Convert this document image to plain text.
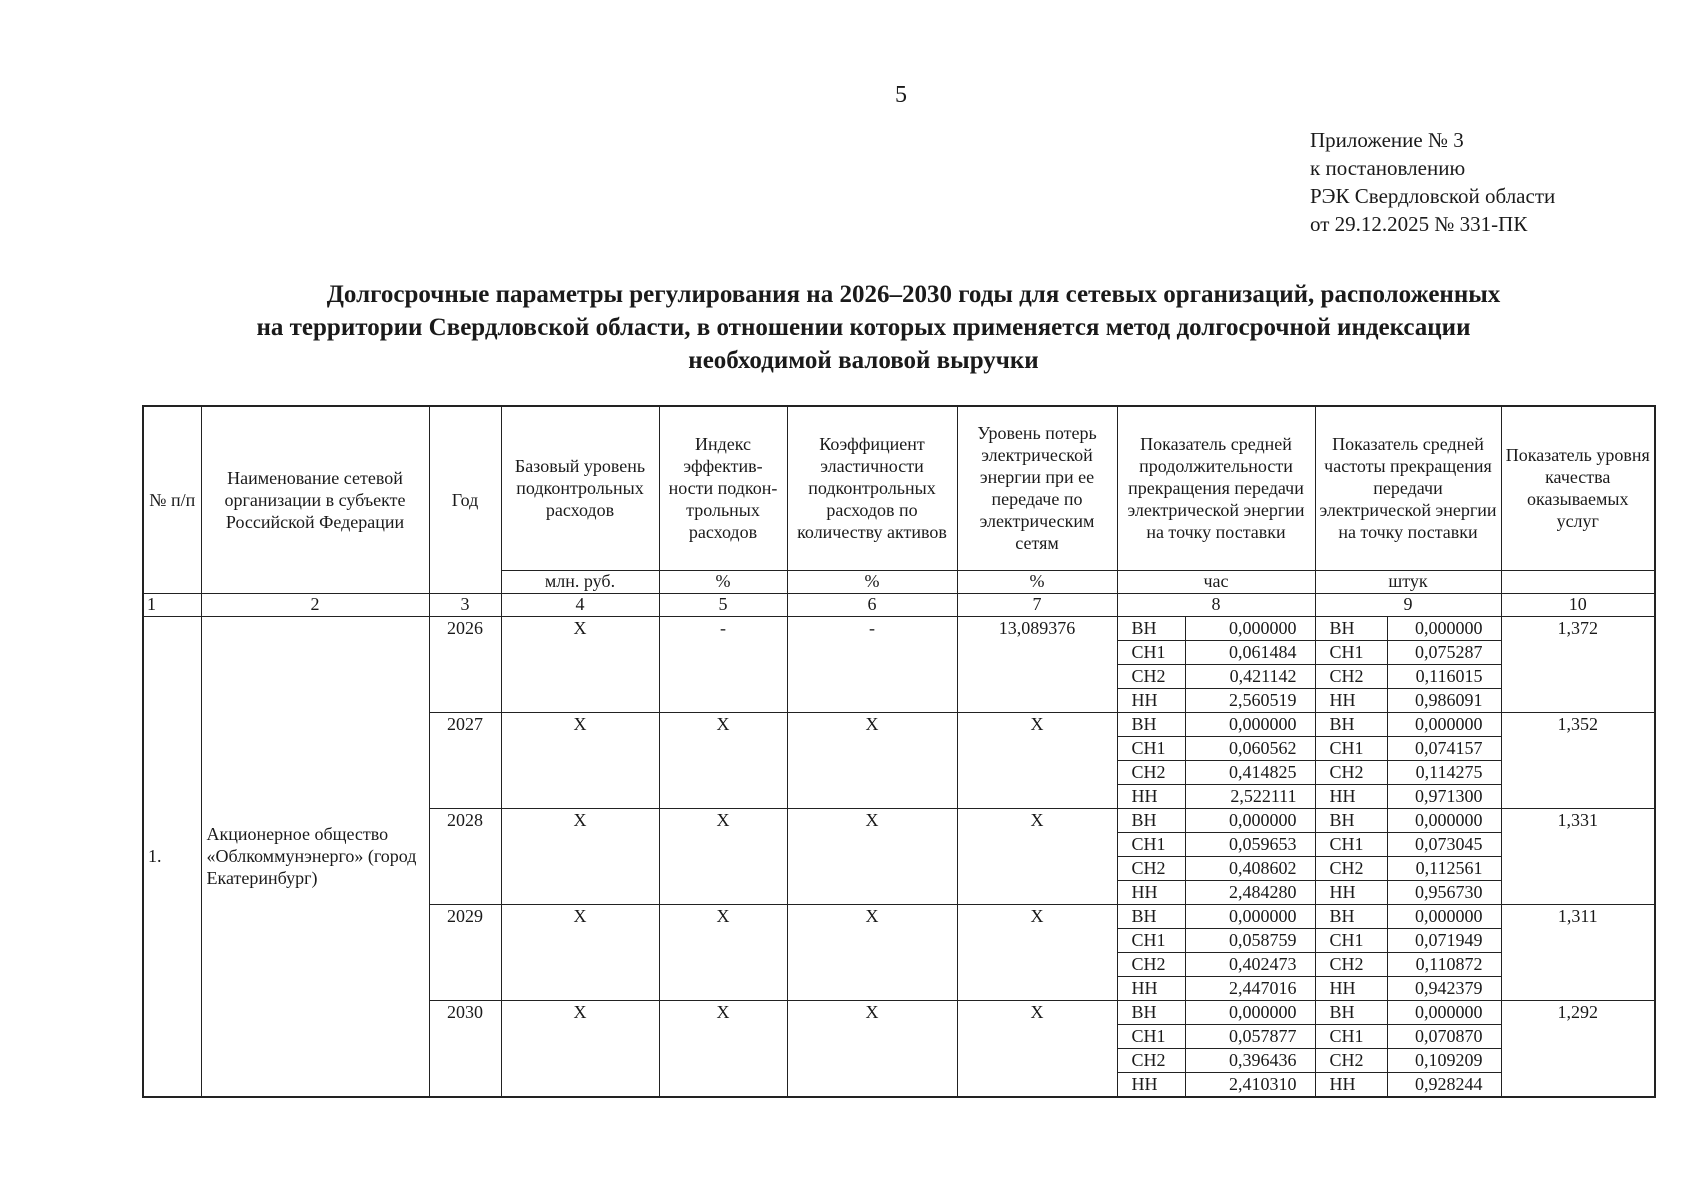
5
Приложение № 3
к постановлению
РЭК Свердловской области
от 29.12.2025 № 331-ПК
Долгосрочные параметры регулирования на 2026–2030 годы для сетевых организаций, расположенных
на территории Свердловской области, в отношении которых применяется метод долгосрочной индексации
необходимой валовой выручки
№ п/п	Наименование сетевой организации в субъекте Российской Федерации	Год	Базовый уровень подконтрольных расходов	Индекс эффектив-ности подкон-трольных расходов	Коэффициент эластичности подконтрольных расходов по количеству активов	Уровень потерь электрической энергии при ее передаче по электрическим сетям	Показатель средней продолжительности прекращения передачи электрической энергии на точку поставки		Показатель средней частоты прекращения передачи электрической энергии на точку поставки		Показатель уровня качества оказываемых услуг
			млн. руб.	%	%	%	час		штук		
1	2	3	4	5	6	7	8		9		10
1.	Акционерное общество «Облкоммунэнерго» (город Екатеринбург)	2026	Х	-	-	13,089376	ВН	0,000000	ВН	0,000000	1,372
							СН1	0,061484	СН1	0,075287	
							СН2	0,421142	СН2	0,116015	
							НН	2,560519	НН	0,986091	
		2027	Х	Х	Х	Х	ВН	0,000000	ВН	0,000000	1,352
							СН1	0,060562	СН1	0,074157	
							СН2	0,414825	СН2	0,114275	
							НН	2,522111	НН	0,971300	
		2028	Х	Х	Х	Х	ВН	0,000000	ВН	0,000000	1,331
							СН1	0,059653	СН1	0,073045	
							СН2	0,408602	СН2	0,112561	
							НН	2,484280	НН	0,956730	
		2029	Х	Х	Х	Х	ВН	0,000000	ВН	0,000000	1,311
							СН1	0,058759	СН1	0,071949	
							СН2	0,402473	СН2	0,110872	
							НН	2,447016	НН	0,942379	
		2030	Х	Х	Х	Х	ВН	0,000000	ВН	0,000000	1,292
							СН1	0,057877	СН1	0,070870	
							СН2	0,396436	СН2	0,109209	
							НН	2,410310	НН	0,928244	
